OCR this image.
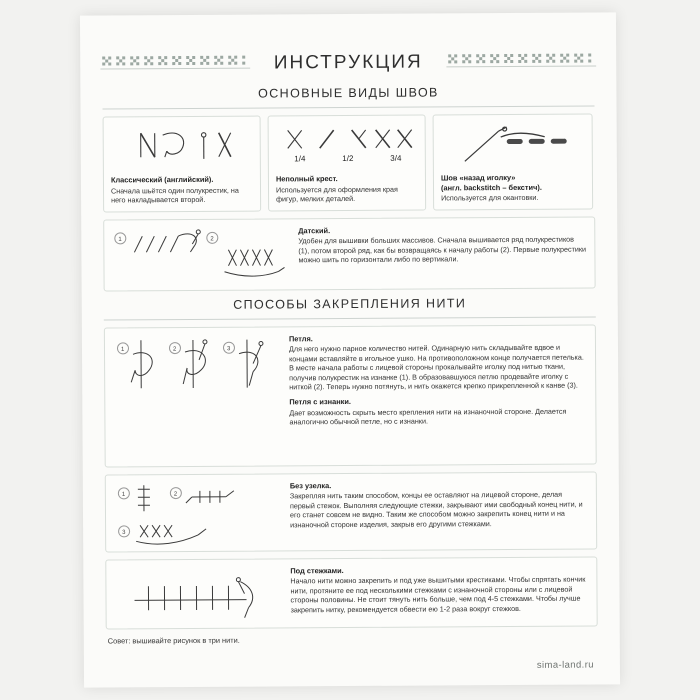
ИНСТРУКЦИЯ
ОСНОВНЫЕ ВИДЫ ШВОВ
Классический (английский).
Сначала шьётся один полукрестик, на него накладывается второй.
1/4	1/2	3/4
Неполный крест.
Используется для оформления края фигур, мелких деталей.
Шов «назад иголку»
(англ. backstitch – бекстич).
Используется для окантовки.
1	2
Датский.
Удобен для вышивки больших массивов. Сначала вышивается ряд полукрестиков (1), потом второй ряд, как бы возвращаясь к началу работы (2). Первые полукрестики можно шить по горизонтали либо по вертикали.
СПОСОБЫ ЗАКРЕПЛЕНИЯ НИТИ
1	2	3
Петля.
Для него нужно парное количество нитей. Одинарную нить складывайте вдвое и концами вставляйте в игольное ушко. На противоположном конце получается петелька. В месте начала работы с лицевой стороны прокалывайте иголку под нитью ткани, получив полукрестик на изнанке (1). В образовавшуюся петлю продевайте иголку с ниткой (2). Теперь нужно потянуть, и нить окажется крепко прикрепленной к канве (3).
Петля с изнанки.
Дает возможность скрыть место крепления нити на изнаночной стороне. Делается аналогично обычной петле, но с изнанки.
1	2
3
Без узелка.
Закрепляя нить таким способом, концы ее оставляют на лицевой стороне, делая первый стежок. Выполняя следующие стежки, закрывают ими свободный конец нити, и его станет совсем не видно. Таким же способом можно закрепить конец нити и на изнаночной стороне изделия, закрыв его другими стежками.
Под стежками.
Начало нити можно закрепить и под уже вышитыми крестиками. Чтобы спрятать кончик нити, протяните ее под несколькими стежками с изнаночной стороны или с лицевой стороны половины. Не стоит тянуть нить больше, чем под 4-5 стежками. Чтобы лучше закрепить нитку, рекомендуется обвести ею 1-2 раза вокруг стежков.
Совет: вышивайте рисунок в три нити.
sima-land.ru
